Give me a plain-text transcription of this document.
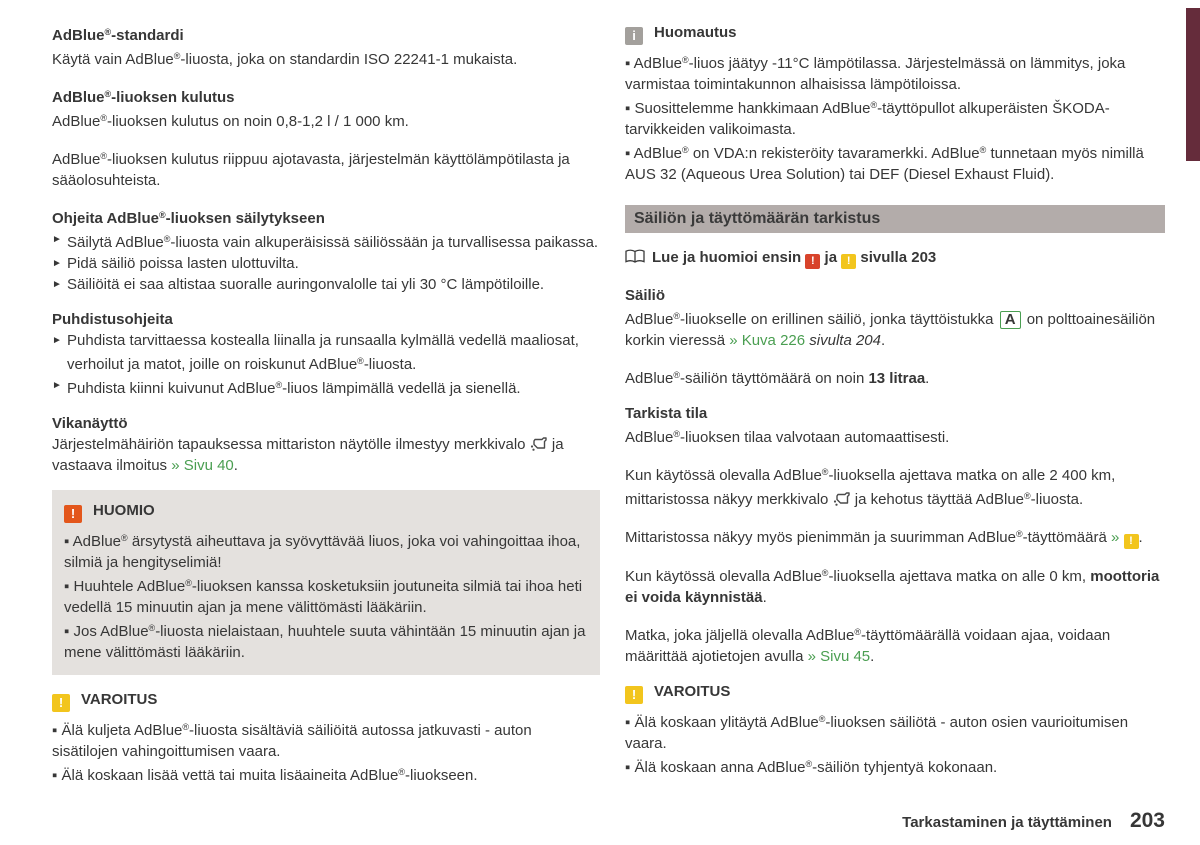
AdBlue®-standardi

Käytä vain AdBlue®-liuosta, joka on standardin ISO 22241-1 mukaista.

AdBlue®-liuoksen kulutus

AdBlue®-liuoksen kulutus on noin 0,8-1,2 l / 1 000 km.

AdBlue®-liuoksen kulutus riippuu ajotavasta, järjestelmän käyttölämpötilasta ja sääolosuhteista.

Ohjeita AdBlue®-liuoksen säilytykseen

► Säilytä AdBlue®-liuosta vain alkuperäisissä säiliössään ja turvallisessa paikassa.
► Pidä säiliö poissa lasten ulottuvilta.
► Säiliöitä ei saa altistaa suoralle auringonvalolle tai yli 30 °C lämpötiloille.

Puhdistusohjeita

► Puhdista tarvittaessa kostealla liinalla ja runsaalla kylmällä vedellä maaliosat, verhoilut ja matot, joille on roiskunut AdBlue®-liuosta.
► Puhdista kiinni kuivunut AdBlue®-liuos lämpimällä vedellä ja sienellä.

Vikanäyttö

Järjestelmähäiriön tapauksessa mittariston näytölle ilmestyy merkkivalo  ja vastaava ilmoitus » Sivu 40.

!HUOMIO

▪ AdBlue® ärsytystä aiheuttava ja syövyttävää liuos, joka voi vahingoittaa ihoa, silmiä ja hengityselimiä!

▪ Huuhtele AdBlue®-liuoksen kanssa kosketuksiin joutuneita silmiä tai ihoa heti vedellä 15 minuutin ajan ja mene välittömästi lääkäriin.

▪ Jos AdBlue®-liuosta nielaistaan, huuhtele suuta vähintään 15 minuutin ajan ja mene välittömästi lääkäriin.

!VAROITUS

▪ Älä kuljeta AdBlue®-liuosta sisältäviä säiliöitä autossa jatkuvasti - auton sisätilojen vahingoittumisen vaara.

▪ Älä koskaan lisää vettä tai muita lisäaineita AdBlue®-liuokseen.

iHuomautus

▪ AdBlue®-liuos jäätyy -11°C lämpötilassa. Järjestelmässä on lämmitys, joka varmistaa toimintakunnon alhaisissa lämpötiloissa.

▪ Suosittelemme hankkimaan AdBlue®-täyttöpullot alkuperäisten ŠKODA-tarvikkeiden valikoimasta.

▪ AdBlue® on VDA:n rekisteröity tavaramerkki. AdBlue® tunnetaan myös nimillä AUS 32 (Aqueous Urea Solution) tai DEF (Diesel Exhaust Fluid).

Säiliön ja täyttömäärän tarkistus

Lue ja huomioi ensin ! ja ! sivulla 203

Säiliö

AdBlue®-liuokselle on erillinen säiliö, jonka täyttöistukka A on polttoainesäiliön korkin vieressä » Kuva 226 sivulta 204.

AdBlue®-säiliön täyttömäärä on noin 13 litraa.

Tarkista tila

AdBlue®-liuoksen tilaa valvotaan automaattisesti.

Kun käytössä olevalla AdBlue®-liuoksella ajettava matka on alle 2 400 km, mittaristossa näkyy merkkivalo  ja kehotus täyttää AdBlue®-liuosta.

Mittaristossa näkyy myös pienimmän ja suurimman AdBlue®-täyttömäärä » ! .

Kun käytössä olevalla AdBlue®-liuoksella ajettava matka on alle 0 km, moottoria ei voida käynnistää.

Matka, joka jäljellä olevalla AdBlue®-täyttömäärällä voidaan ajaa, voidaan määrittää ajotietojen avulla » Sivu 45.

!VAROITUS

▪ Älä koskaan ylitäytä AdBlue®-liuoksen säiliötä - auton osien vaurioitumisen vaara.

▪ Älä koskaan anna AdBlue®-säiliön tyhjentyä kokonaan.

Tarkastaminen ja täyttäminen 203
